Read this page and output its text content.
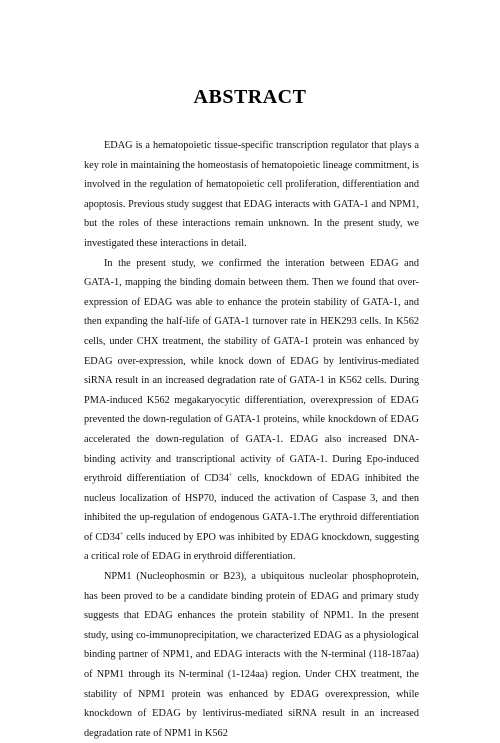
ABSTRACT

EDAG is a hematopoietic tissue-specific transcription regulator that plays a key role in maintaining the homeostasis of hematopoietic lineage commitment, is involved in the regulation of hematopoietic cell proliferation, differentiation and apoptosis. Previous study suggest that EDAG interacts with GATA-1 and NPM1, but the roles of these interactions remain unknown. In the present study, we investigated these interactions in detail.

In the present study, we confirmed the interation between EDAG and GATA-1, mapping the binding domain between them. Then we found that over-expression of EDAG was able to enhance the protein stability of GATA-1, and then expanding the half-life of GATA-1 turnover rate in HEK293 cells. In K562 cells, under CHX treatment, the stability of GATA-1 protein was enhanced by EDAG over-expression, while knock down of EDAG by lentivirus-mediated siRNA result in an increased degradation rate of GATA-1 in K562 cells. During PMA-induced K562 megakaryocytic differentiation, overexpression of EDAG prevented the down-regulation of GATA-1 proteins, while knockdown of EDAG accelerated the down-regulation of GATA-1. EDAG also increased DNA-binding activity and transcriptional activity of GATA-1. During Epo-induced erythroid differentiation of CD34+ cells, knockdown of EDAG inhibited the nucleus localization of HSP70, induced the activation of Caspase 3, and then inhibited the up-regulation of endogenous GATA-1.The erythroid differentiation of CD34+ cells induced by EPO was inhibited by EDAG knockdown, suggesting a critical role of EDAG in erythroid differentiation.

NPM1 (Nucleophosmin or B23), a ubiquitous nucleolar phosphoprotein, has been proved to be a candidate binding protein of EDAG and primary study suggests that EDAG enhances the protein stability of NPM1. In the present study, using co-immunoprecipitation, we characterized EDAG as a physiological binding partner of NPM1, and EDAG interacts with the N-terminal (118-187aa) of NPM1 through its N-terminal (1-124aa) region. Under CHX treatment, the stability of NPM1 protein was enhanced by EDAG overexpression, while knockdown of EDAG by lentivirus-mediated siRNA result in an increased degradation rate of NPM1 in K562
